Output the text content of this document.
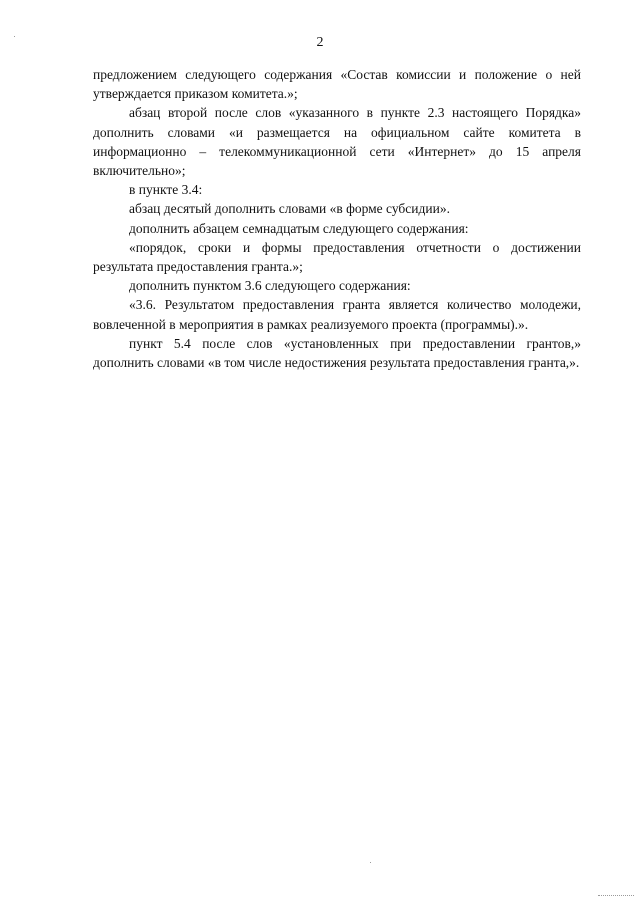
2

предложением следующего содержания «Состав комиссии и положение о ней утверждается приказом комитета.»;

абзац второй после слов «указанного в пункте 2.3 настоящего Порядка» дополнить словами «и размещается на официальном сайте комитета в информационно – телекоммуникационной сети «Интернет» до 15 апреля включительно»;

в пункте 3.4:

абзац десятый дополнить словами «в форме субсидии».

дополнить абзацем семнадцатым следующего содержания:

«порядок, сроки и формы предоставления отчетности о достижении результата предоставления гранта.»;

дополнить пунктом 3.6 следующего содержания:

«3.6. Результатом предоставления гранта является количество молодежи, вовлеченной в мероприятия в рамках реализуемого проекта (программы).».

пункт 5.4 после слов «установленных при предоставлении грантов,» дополнить словами «в том числе недостижения результата предоставления гранта,».
